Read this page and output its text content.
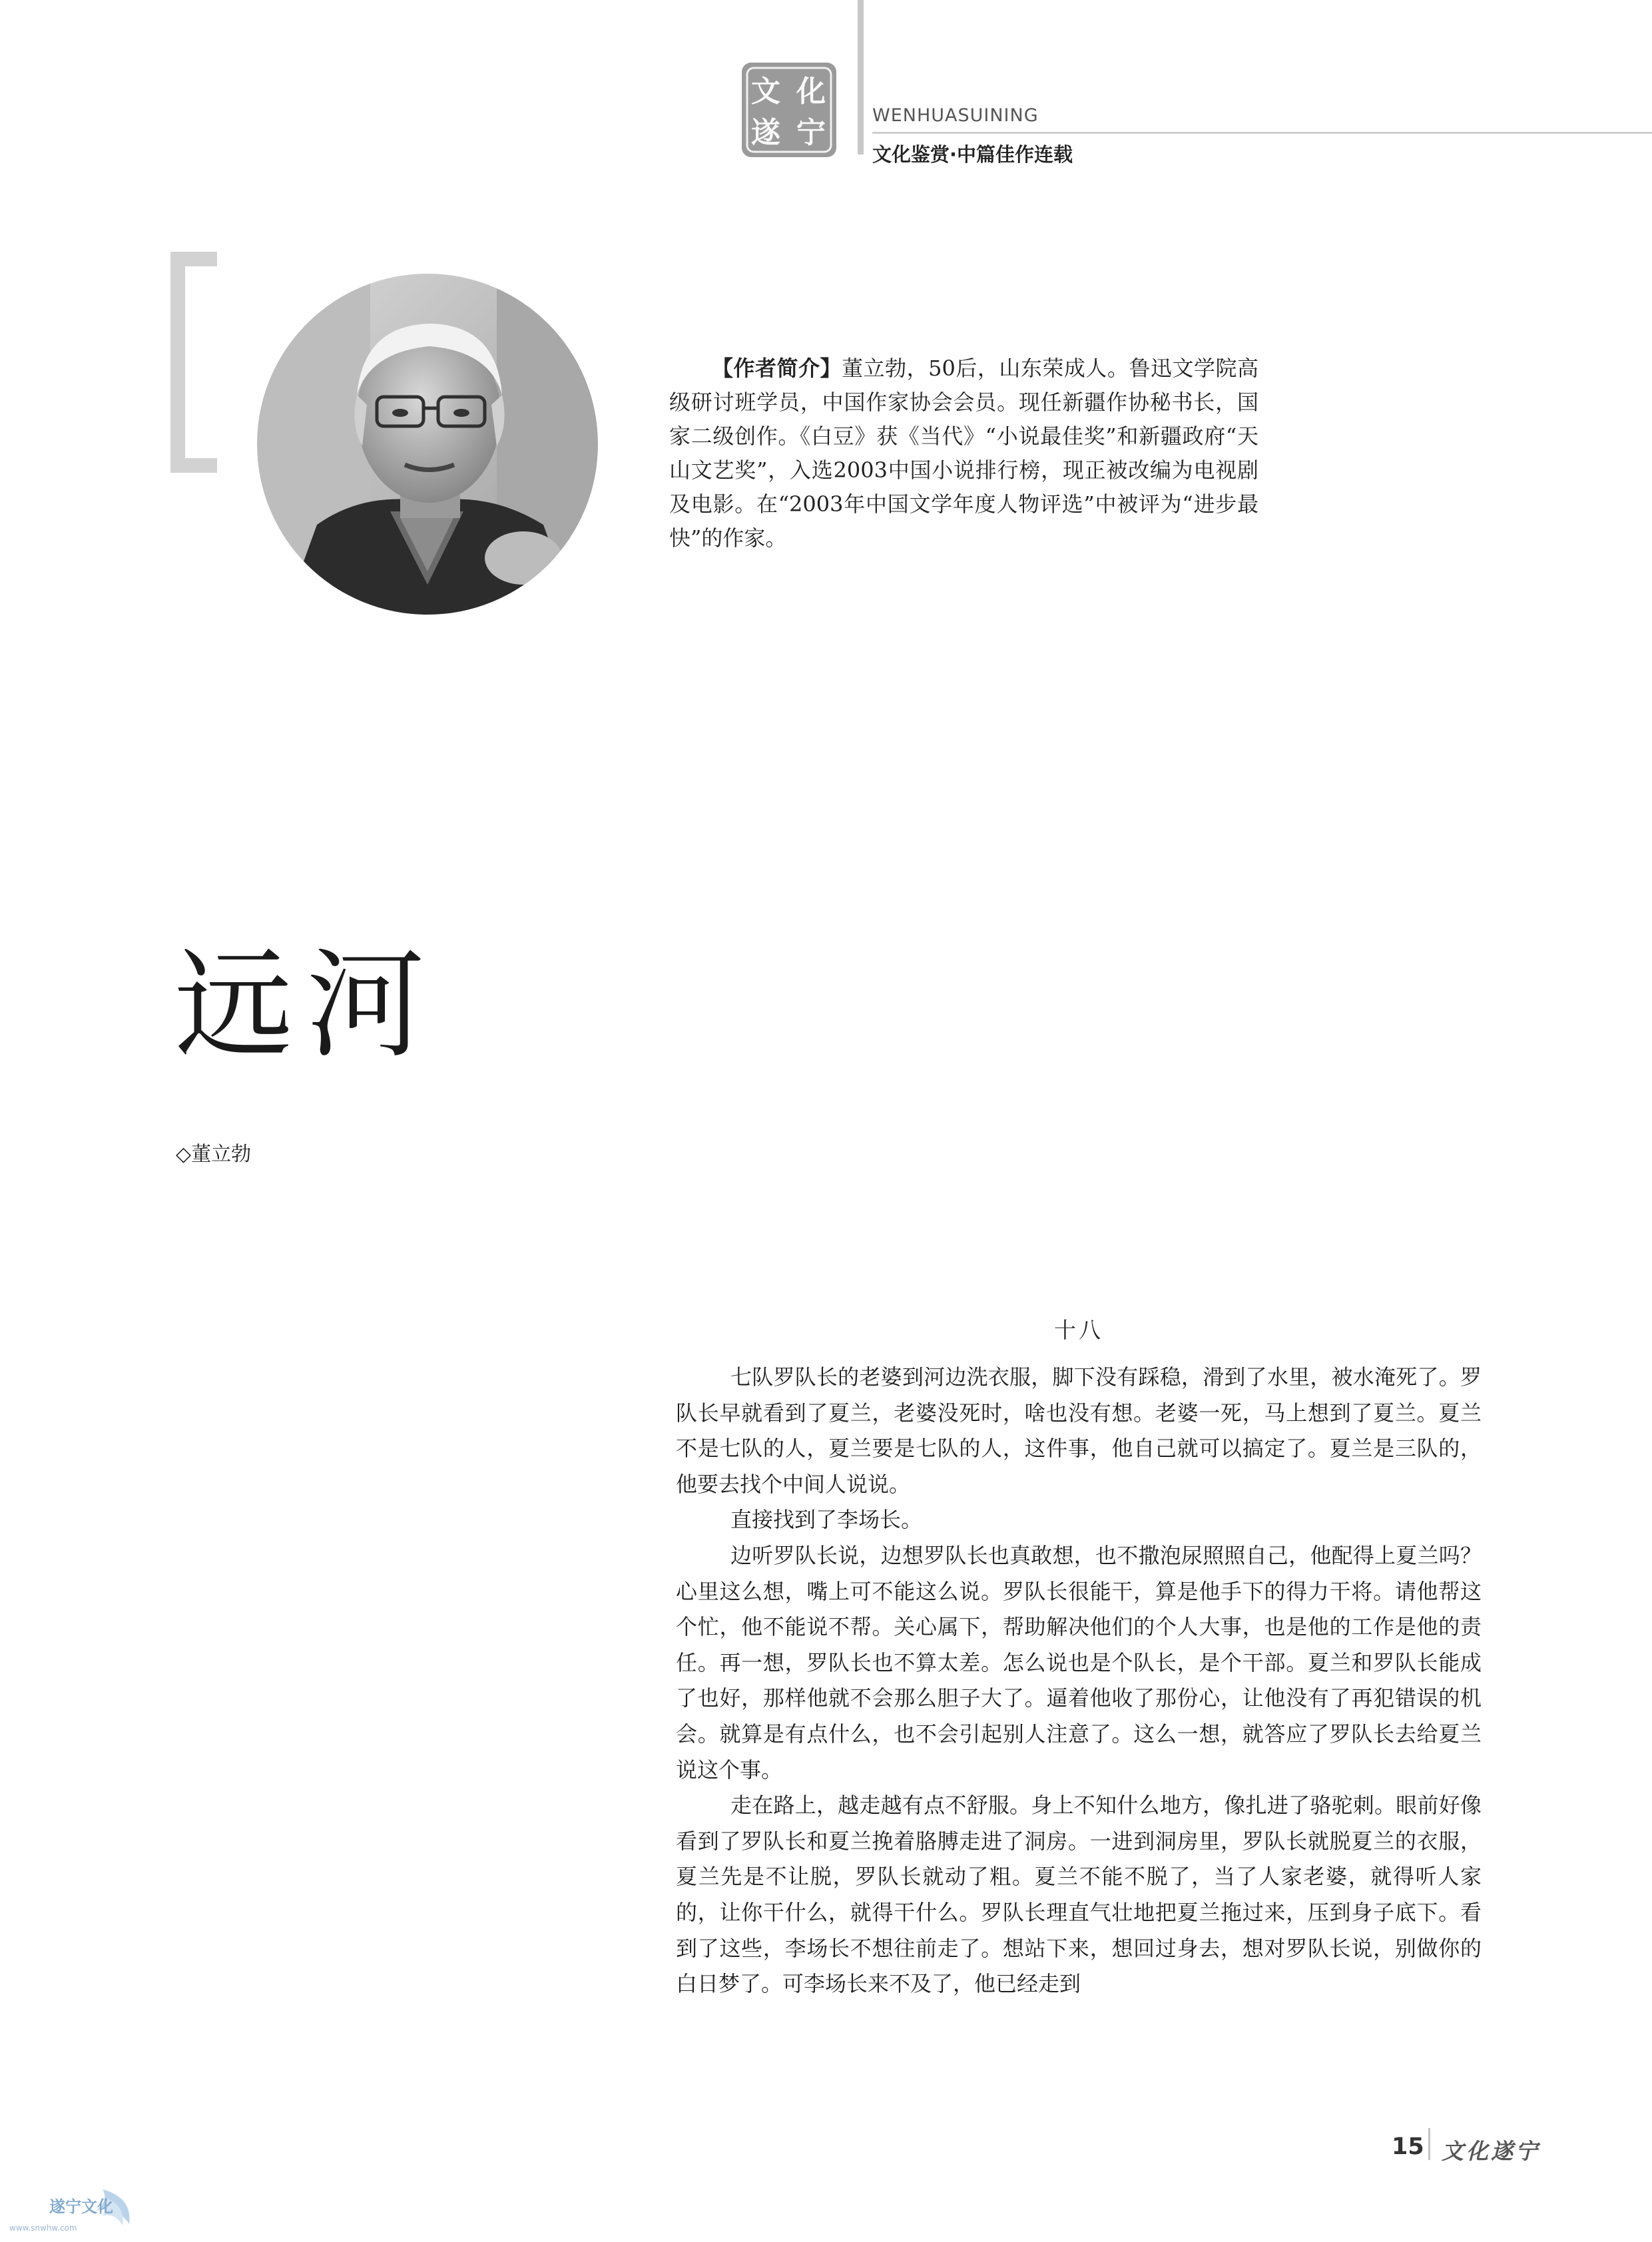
文 化
遂 宁
WENHUASUINING
文化鉴赏·中篇佳作连载
【作者简介】董立勃，50后，山东荣成人。鲁迅文学院高级研讨班学员，中国作家协会会员。现任新疆作协秘书长，国家二级创作。《白豆》获《当代》“小说最佳奖”和新疆政府“天山文艺奖”，入选2003中国小说排行榜，现正被改编为电视剧及电影。在“2003年中国文学年度人物评选”中被评为“进步最快”的作家。
远河
◇董立勃
十八

七队罗队长的老婆到河边洗衣服，脚下没有踩稳，滑到了水里，被水淹死了。罗队长早就看到了夏兰，老婆没死时，啥也没有想。老婆一死，马上想到了夏兰。夏兰不是七队的人，夏兰要是七队的人，这件事，他自己就可以搞定了。夏兰是三队的，他要去找个中间人说说。

直接找到了李场长。

边听罗队长说，边想罗队长也真敢想，也不撒泡尿照照自己，他配得上夏兰吗？心里这么想，嘴上可不能这么说。罗队长很能干，算是他手下的得力干将。请他帮这个忙，他不能说不帮。关心属下，帮助解决他们的个人大事，也是他的工作是他的责任。再一想，罗队长也不算太差。怎么说也是个队长，是个干部。夏兰和罗队长能成了也好，那样他就不会那么胆子大了。逼着他收了那份心，让他没有了再犯错误的机会。就算是有点什么，也不会引起别人注意了。这么一想，就答应了罗队长去给夏兰说这个事。

走在路上，越走越有点不舒服。身上不知什么地方，像扎进了骆驼刺。眼前好像看到了罗队长和夏兰挽着胳膊走进了洞房。一进到洞房里，罗队长就脱夏兰的衣服，夏兰先是不让脱，罗队长就动了粗。夏兰不能不脱了，当了人家老婆，就得听人家的，让你干什么，就得干什么。罗队长理直气壮地把夏兰拖过来，压到身子底下。看到了这些，李场长不想往前走了。想站下来，想回过身去，想对罗队长说，别做你的白日梦了。可李场长来不及了，他已经走到

15 文化遂宁
遂宁文化
www.snwhw.com
